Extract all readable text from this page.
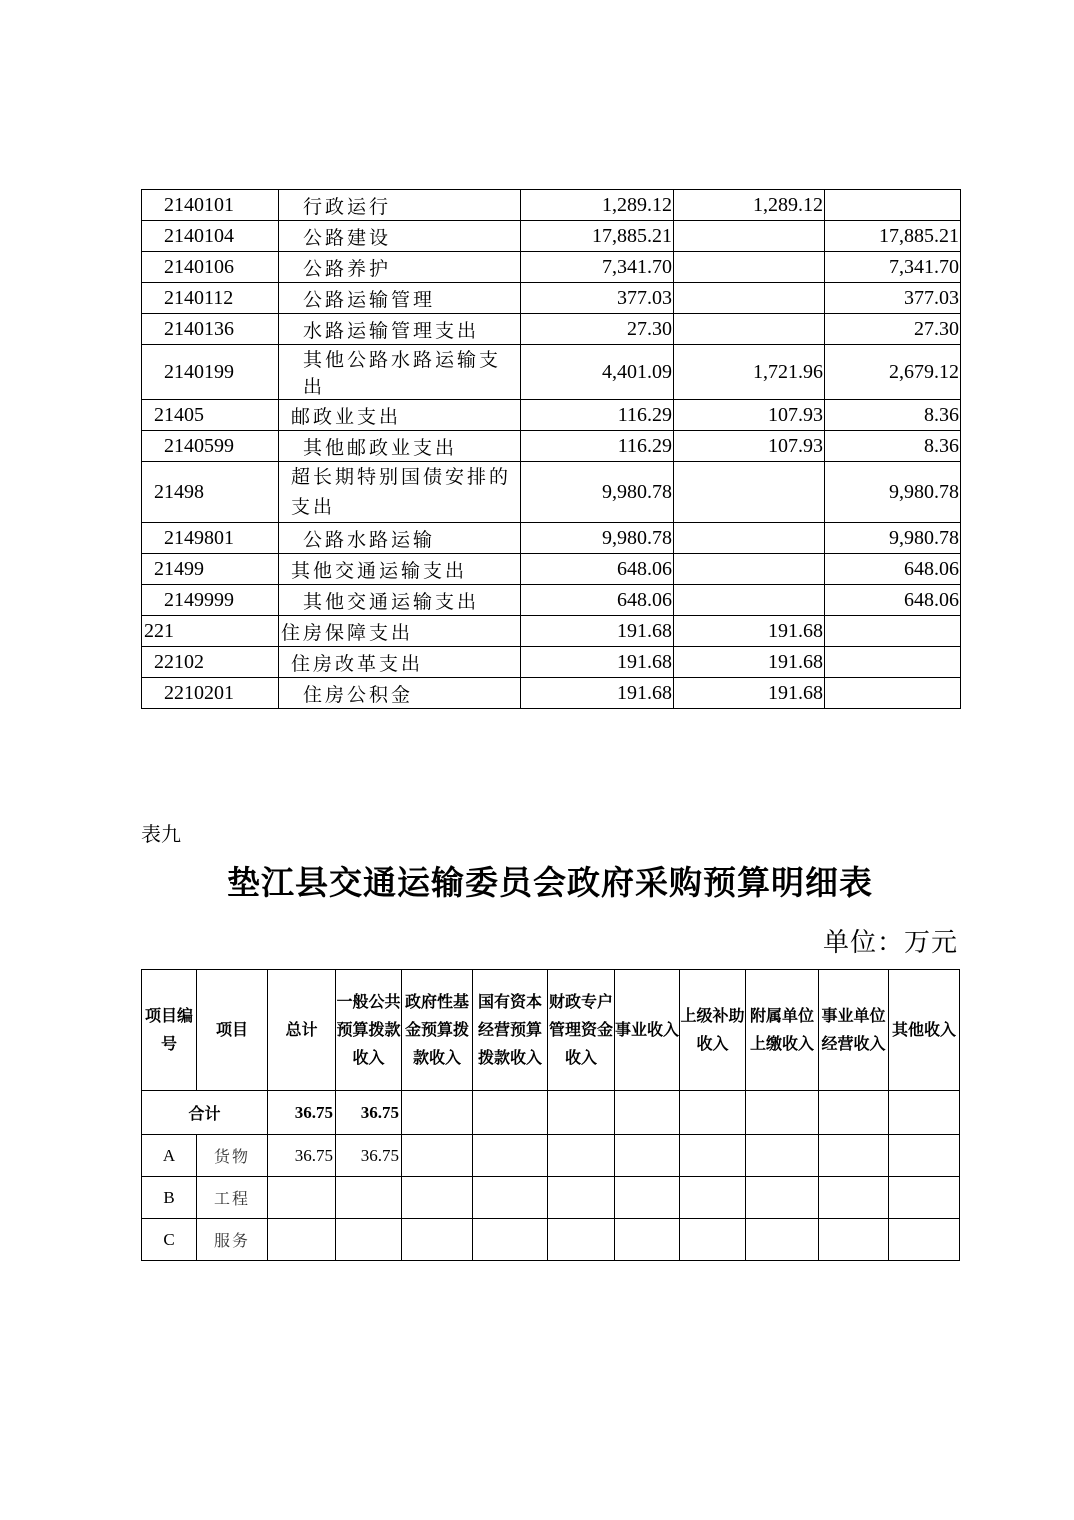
2140101	行政运行	1,289.12	1,289.12	
2140104	公路建设	17,885.21		17,885.21
2140106	公路养护	7,341.70		7,341.70
2140112	公路运输管理	377.03		377.03
2140136	水路运输管理支出	27.30		27.30
2140199	其他公路水路运输支出	4,401.09	1,721.96	2,679.12
21405	邮政业支出	116.29	107.93	8.36
2140599	其他邮政业支出	116.29	107.93	8.36
21498	超长期特别国债安排的支出	9,980.78		9,980.78
2149801	公路水路运输	9,980.78		9,980.78
21499	其他交通运输支出	648.06		648.06
2149999	其他交通运输支出	648.06		648.06
221	住房保障支出	191.68	191.68	
22102	住房改革支出	191.68	191.68	
2210201	住房公积金	191.68	191.68	
表九
垫江县交通运输委员会政府采购预算明细表
单位：万元
项目编号	项目	总计	一般公共预算拨款收入	政府性基金预算拨款收入	国有资本经营预算拨款收入	财政专户管理资金收入	事业收入	上级补助收入	附属单位上缴收入	事业单位经营收入	其他收入
合计		36.75	36.75								
A	货物	36.75	36.75								
B	工程										
C	服务										
